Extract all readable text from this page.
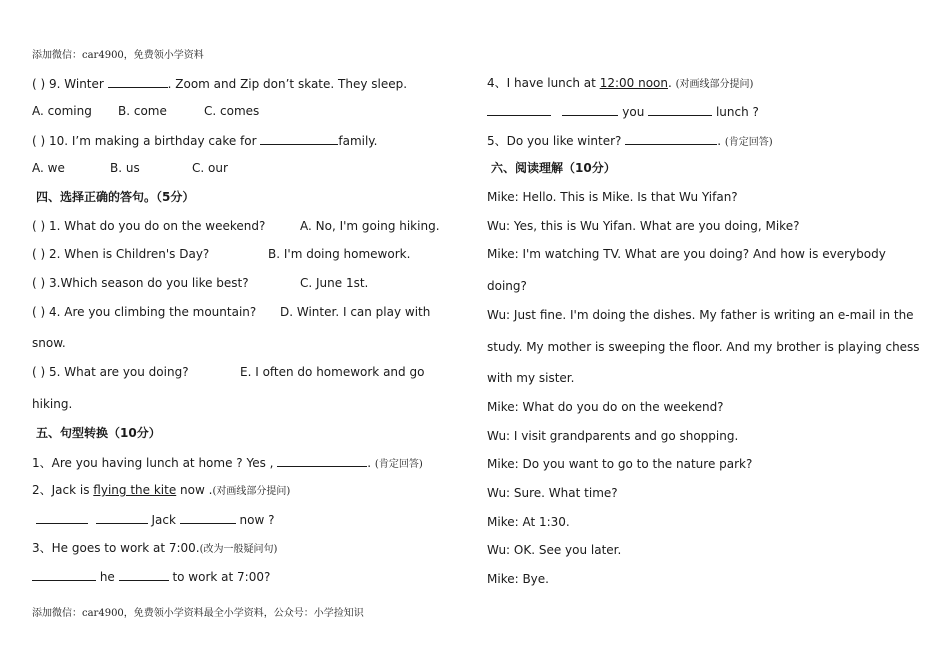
添加微信：car4900，免费领小学资料
( ) 9. Winter	. Zoom and Zip don’t skate. They sleep.
A. coming B. come	C. comes
( ) 10. I’m making a birthday cake for	family.
A. we	B. us	C. our
四、选择正确的答句。（5分）
( ) 1. What do you do on the weekend?	A. No, I'm going hiking.
( ) 2. When is Children's Day?	B. I'm doing homework.
( ) 3.Which season do you like best?	C. June 1st.
( ) 4. Are you climbing the mountain? D. Winter. I can play with
snow.
( ) 5. What are you doing?	E. I often do homework and go
hiking.
五、句型转换（10分）
1、Are you having lunch at home ? Yes ,	. (肯定回答)
2、Jack is flying the kite now .(对画线部分提问)
Jack	now ?
3、He goes to work at 7:00.(改为一般疑问句)
he	to work at 7:00?
添加微信：car4900，免费领小学资料最全小学资料，公众号：小学捡知识
4、I have lunch at 12:00 noon. (对画线部分提问)
you	lunch ?
5、Do you like winter?	. (肯定回答)
六、阅读理解（10分）
Mike: Hello. This is Mike. Is that Wu Yifan?
Wu: Yes, this is Wu Yifan. What are you doing, Mike?
Mike: I'm watching TV. What are you doing? And how is everybody
doing?
Wu: Just fine. I'm doing the dishes. My father is writing an e-mail in the
study. My mother is sweeping the floor. And my brother is playing chess
with my sister.
Mike: What do you do on the weekend?
Wu: I visit grandparents and go shopping.
Mike: Do you want to go to the nature park?
Wu: Sure. What time?
Mike: At 1:30.
Wu: OK. See you later.
Mike: Bye.
